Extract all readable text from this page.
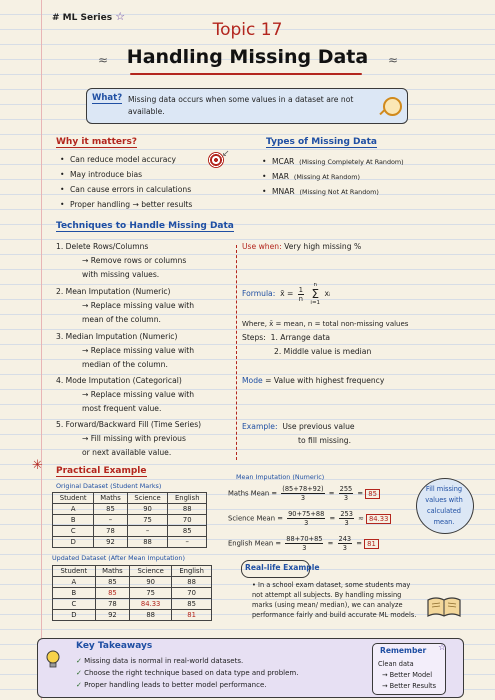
# ML Series ☆
Topic 17
≈ Handling Missing Data	≈
What? Missing data occurs when some values in a dataset are not available.
Why it matters?
• Can reduce model accuracy
• May introduce bias
• Can cause errors in calculations
• Proper handling → better results
↙
Types of Missing Data
• MCAR (Missing Completely At Random)
• MAR (Missing At Random)
• MNAR (Missing Not At Random)
Techniques to Handle Missing Data
1. Delete Rows/Columns
→ Remove rows or columns
with missing values.
2. Mean Imputation (Numeric)
→ Replace missing value with
mean of the column.
3. Median Imputation (Numeric)
→ Replace missing value with
median of the column.
4. Mode Imputation (Categorical)
→ Replace missing value with
most frequent value.
5. Forward/Backward Fill (Time Series)
→ Fill missing with previous
or next available value.
Use when: Very high missing %
Formula: x̄ = $\frac{1}{n}$

n
Σ
i=1
xᵢ
Where, x̄ = mean, n = total non-missing values
Steps: 1. Arrange data
2. Middle value is median
Mode = Value with highest frequency
Example: Use previous value
to fill missing.
✳ Practical Example
Original Dataset (Student Marks)
Student	Maths	Science	English
A	85	90	88
B	–	75	70
C	78	–	85
D	92	88	–
Updated Dataset (After Mean Imputation)
Student	Maths	Science	English
A	85	90	88
B	85	75	70
C	78	84.33	85
D	92	88	81
Mean Imputation (Numeric)
Maths Mean = $\frac{(85+78+92)}{3} = \frac{255}{3} = 85$
Science Mean = $\frac{90+75+88}{3} = \frac{253}{3} \approx 84.33$
English Mean = $\frac{88+70+85}{3} = \frac{243}{3} = 81$
Fill missing values with calculated mean.
Real-life Example
• In a school exam dataset, some students may not attempt all subjects. By handling missing marks (using mean/ median), we can analyze performance fairly and build accurate ML models.
Key Takeaways
✓ Missing data is normal in real-world datasets.
✓ Choose the right technique based on data type and problem.
✓ Proper handling leads to better model performance.
Remember ☆
Clean data
→ Better Model
→ Better Results
